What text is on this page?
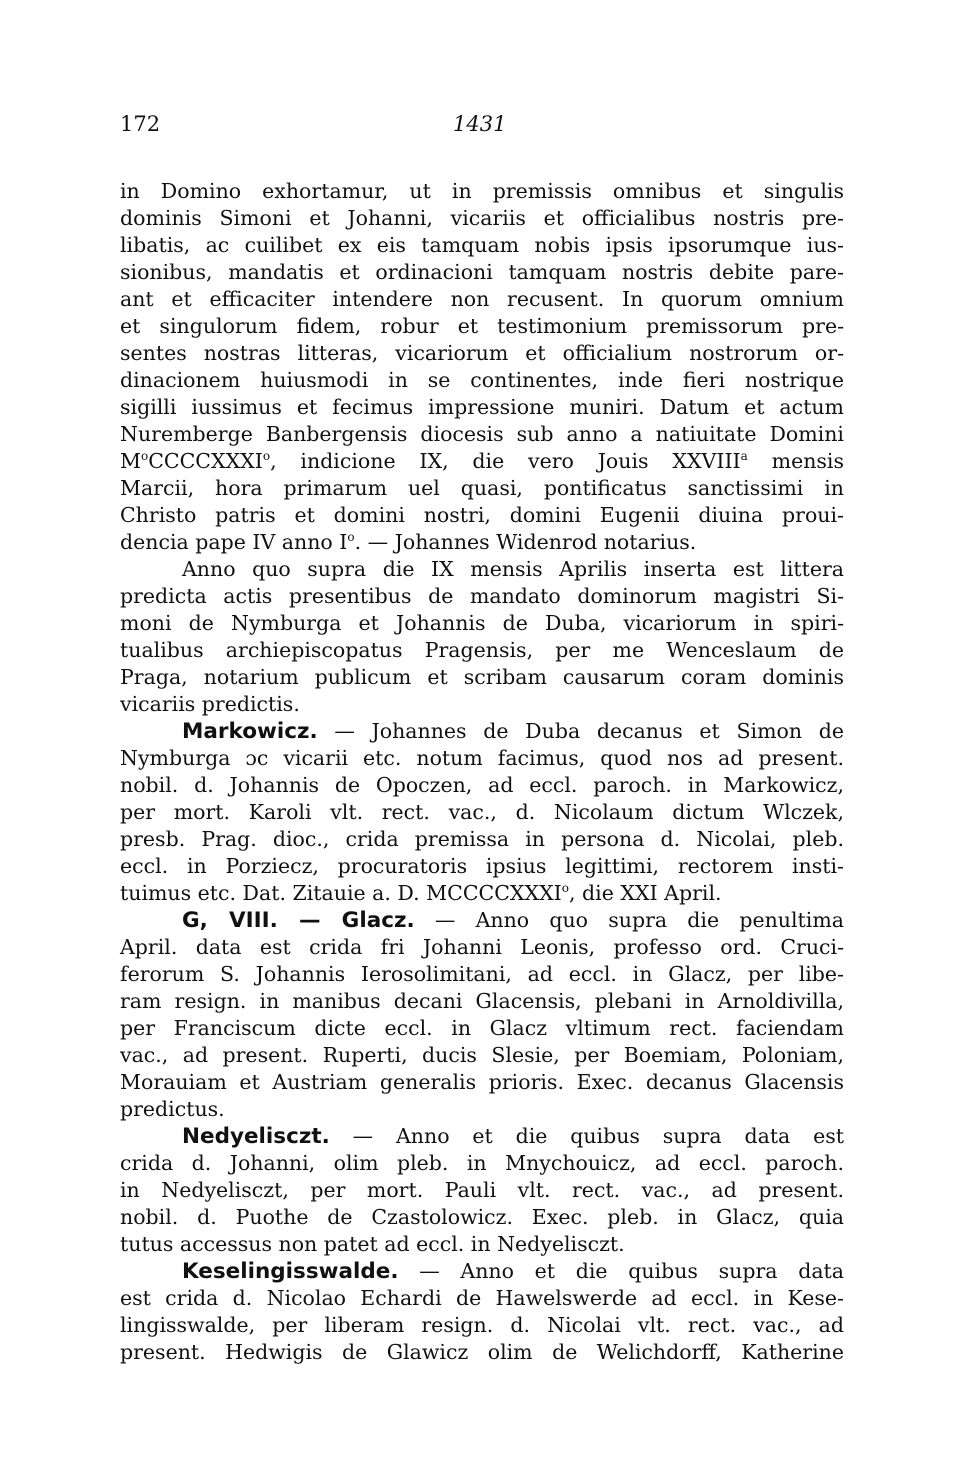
172	1431
in Domino exhortamur, ut in premissis omnibus et singulis
dominis Simoni et Johanni, vicariis et officialibus nostris pre-
libatis, ac cuilibet ex eis tamquam nobis ipsis ipsorumque ius-
sionibus, mandatis et ordinacioni tamquam nostris debite pare-
ant et efficaciter intendere non recusent. In quorum omnium
et singulorum fidem, robur et testimonium premissorum pre-
sentes nostras litteras, vicariorum et officialium nostrorum or-
dinacionem huiusmodi in se continentes, inde fieri nostrique
sigilli iussimus et fecimus impressione muniri. Datum et actum
Nuremberge Banbergensis diocesis sub anno a natiuitate Domini
$M^oCCCCXXXI^o$, indicione IX, die vero Jouis XXVIII$^a$ mensis
Marcii, hora primarum uel quasi, pontificatus sanctissimi in
Christo patris et domini nostri, domini Eugenii diuina proui-
dencia pape IV anno $I^o$. — Johannes Widenrod notarius.
Anno quo supra die IX mensis Aprilis inserta est littera
predicta actis presentibus de mandato dominorum magistri Si-
moni de Nymburga et Johannis de Duba, vicariorum in spiri-
tualibus archiepiscopatus Pragensis, per me Wenceslaum de
Praga, notarium publicum et scribam causarum coram dominis
vicariis predictis.
Markowicz. — Johannes de Duba decanus et Simon de
Nymburga ɔc vicarii etc. notum facimus, quod nos ad present.
nobil. d. Johannis de Opoczen, ad eccl. paroch. in Markowicz,
per mort. Karoli vlt. rect. vac., d. Nicolaum dictum Wlczek,
presb. Prag. dioc., crida premissa in persona d. Nicolai, pleb.
eccl. in Porziecz, procuratoris ipsius legittimi, rectorem insti-
tuimus etc. Dat. Zitauie a. D. MCCCCXXXI$^o$, die XXI April.
G, VIII. — Glacz. — Anno quo supra die penultima
April. data est crida fri Johanni Leonis, professo ord. Cruci-
ferorum S. Johannis Ierosolimitani, ad eccl. in Glacz, per libe-
ram resign. in manibus decani Glacensis, plebani in Arnoldivilla,
per Franciscum dicte eccl. in Glacz vltimum rect. faciendam
vac., ad present. Ruperti, ducis Slesie, per Boemiam, Poloniam,
Morauiam et Austriam generalis prioris. Exec. decanus Glacensis
predictus.
Nedyelisczt. — Anno et die quibus supra data est
crida d. Johanni, olim pleb. in Mnychouicz, ad eccl. paroch.
in Nedyelisczt, per mort. Pauli vlt. rect. vac., ad present.
nobil. d. Puothe de Czastolowicz. Exec. pleb. in Glacz, quia
tutus accessus non patet ad eccl. in Nedyelisczt.
Keselingisswalde. — Anno et die quibus supra data
est crida d. Nicolao Echardi de Hawelswerde ad eccl. in Kese-
lingisswalde, per liberam resign. d. Nicolai vlt. rect. vac., ad
present. Hedwigis de Glawicz olim de Welichdorff, Katherine
